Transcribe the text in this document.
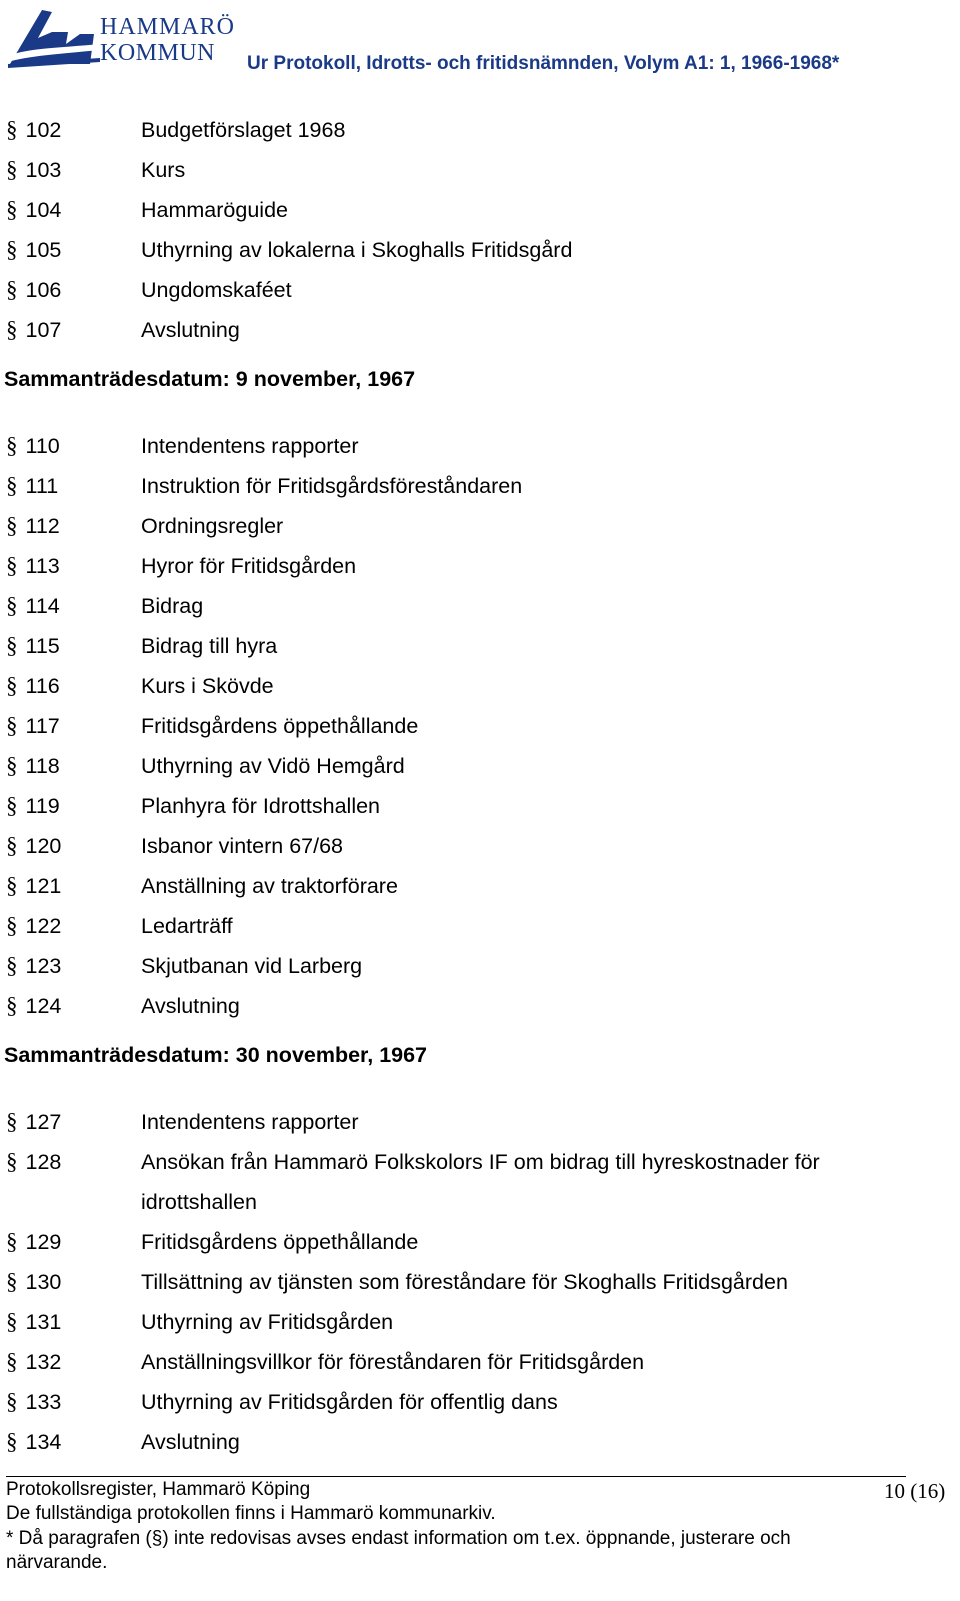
HAMMARÖ
KOMMUN	Ur Protokoll, Idrotts- och fritidsnämnden, Volym A1: 1, 1966-1968*
§ 102	Budgetförslaget 1968
§ 103	Kurs
§ 104	Hammaröguide
§ 105	Uthyrning av lokalerna i Skoghalls Fritidsgård
§ 106	Ungdomskaféet
§ 107	Avslutning
Sammanträdesdatum: 9 november, 1967
§ 110	Intendentens rapporter
§ 111	Instruktion för Fritidsgårdsföreståndaren
§ 112	Ordningsregler
§ 113	Hyror för Fritidsgården
§ 114	Bidrag
§ 115	Bidrag till hyra
§ 116	Kurs i Skövde
§ 117	Fritidsgårdens öppethållande
§ 118	Uthyrning av Vidö Hemgård
§ 119	Planhyra för Idrottshallen
§ 120	Isbanor vintern 67/68
§ 121	Anställning av traktorförare
§ 122	Ledarträff
§ 123	Skjutbanan vid Larberg
§ 124	Avslutning
Sammanträdesdatum: 30 november, 1967
§ 127	Intendentens rapporter
§ 128	Ansökan från Hammarö Folkskolors IF om bidrag till hyreskostnader för idrottshallen
§ 129	Fritidsgårdens öppethållande
§ 130	Tillsättning av tjänsten som föreståndare för Skoghalls Fritidsgården
§ 131	Uthyrning av Fritidsgården
§ 132	Anställningsvillkor för föreståndaren för Fritidsgården
§ 133	Uthyrning av Fritidsgården för offentlig dans
§ 134	Avslutning
Protokollsregister, Hammarö Köping	10 (16)
De fullständiga protokollen finns i Hammarö kommunarkiv.
* Då paragrafen (§) inte redovisas avses endast information om t.ex. öppnande, justerare och närvarande.
